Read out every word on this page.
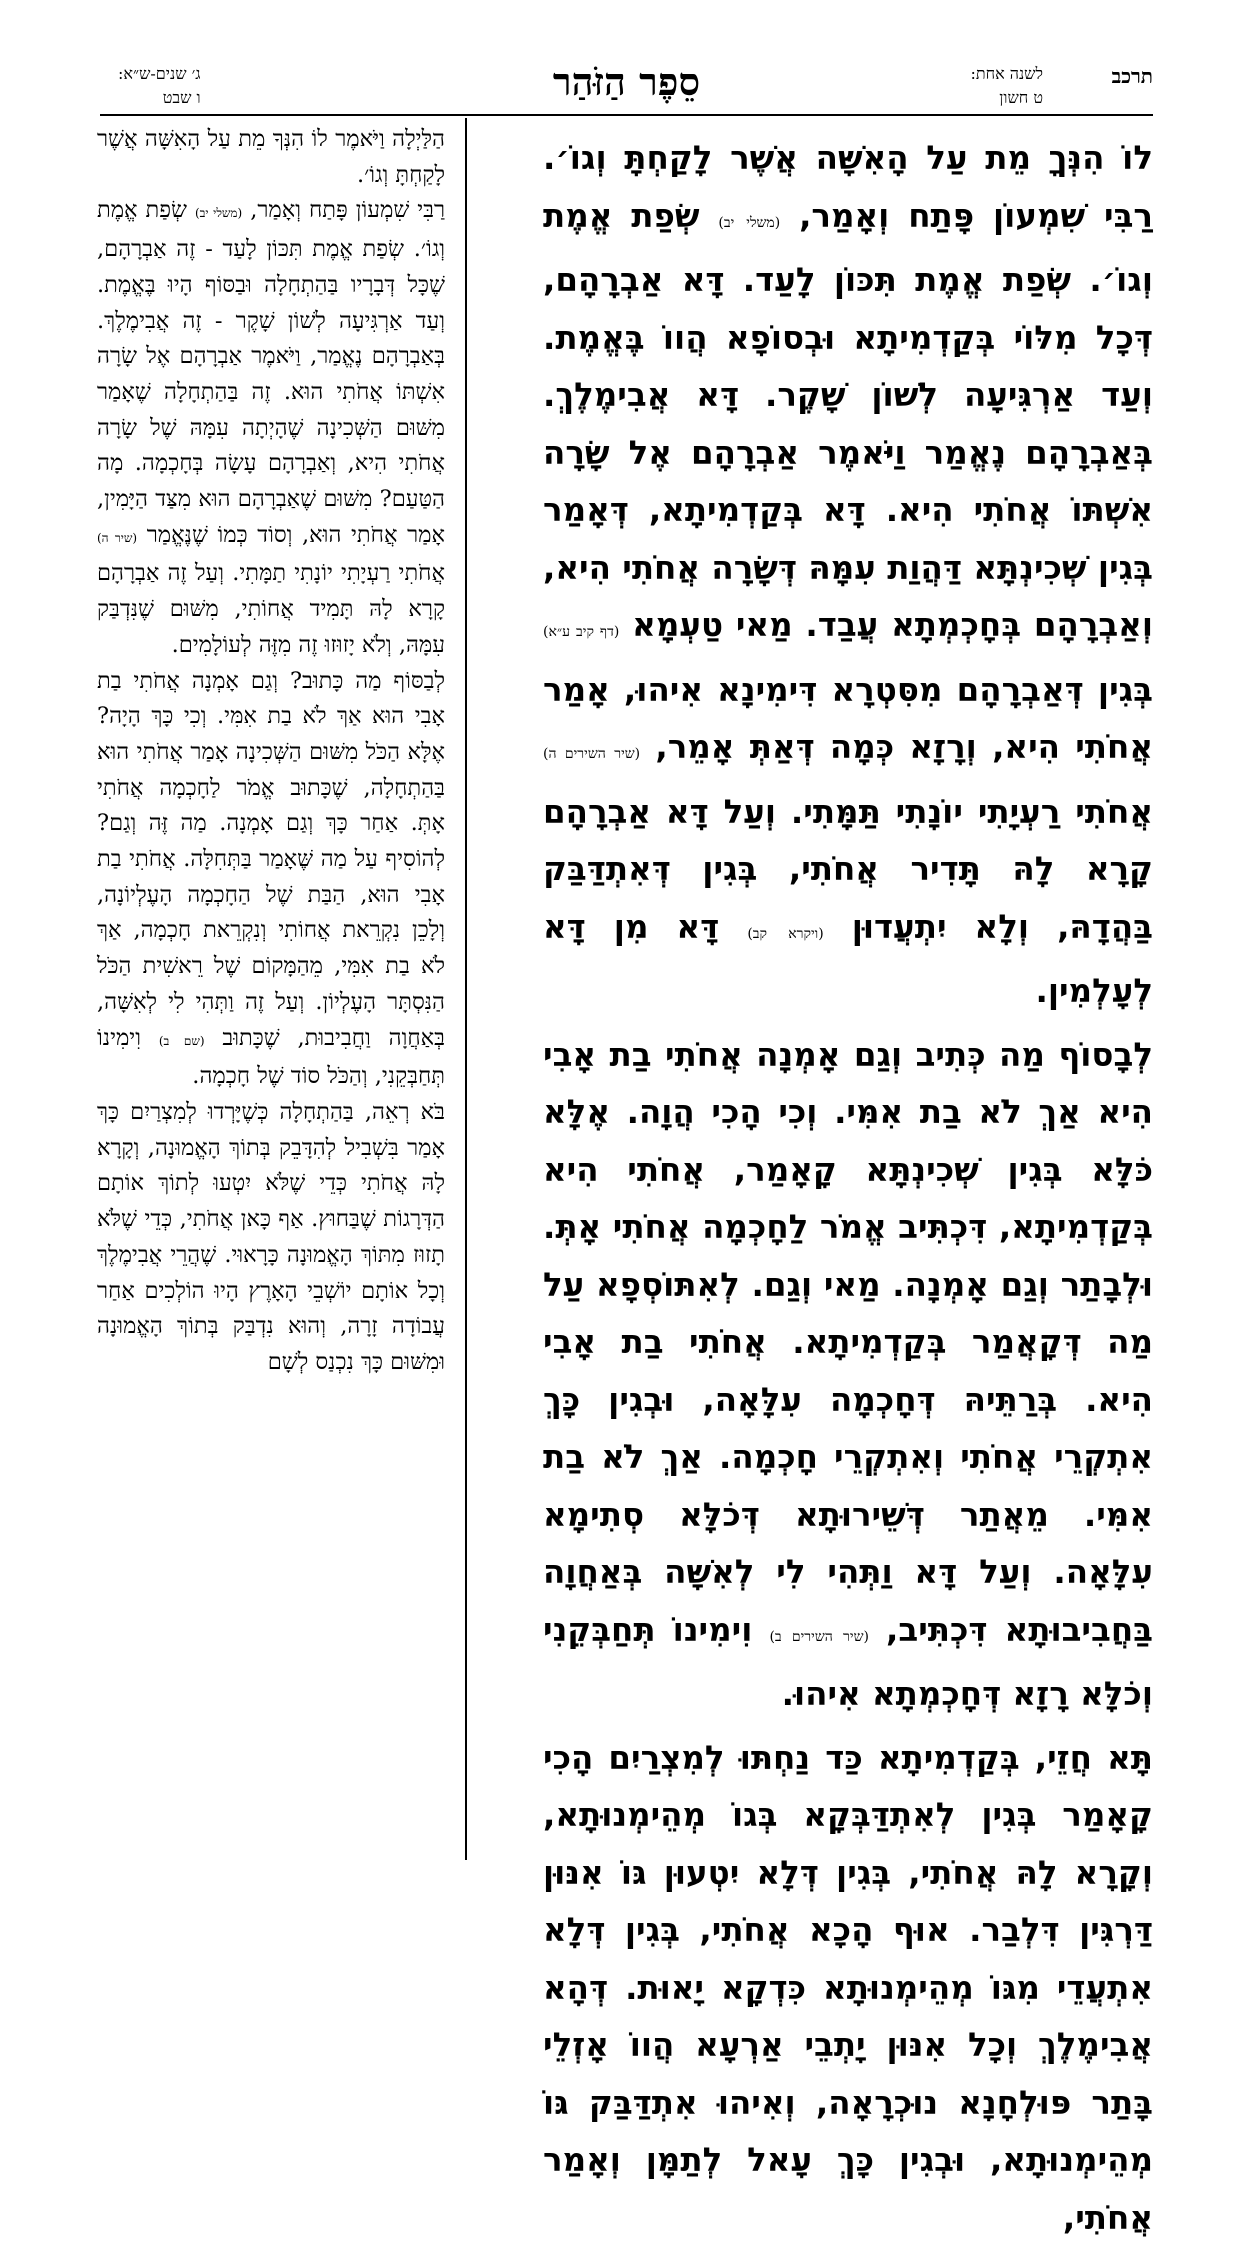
תרכב
לשנה אחת:
ט חשון
סֵפֶר הַזֹּהַר
ג׳ שנים-ש״א:
ו שבט

לוֹ הִנְּךָ מֵת עַל הָאִשָּׁה אֲשֶׁר לָקַחְתָּ וְגוֹ׳. רַבִּי שִׁמְעוֹן פָּתַח וְאָמַר, (משלי יב) שְׂפַת אֱמֶת וְגוֹ׳. שְׂפַת אֱמֶת תִּכּוֹן לָעַד. דָּא אַבְרָהָם, דְּכָל מִלּוֹי בְּקַדְמִיתָא וּבְסוֹפָא הֲווֹ בֶּאֱמֶת. וְעַד אַרְגִּיעָה לְשׁוֹן שָׁקֶר. דָּא אֲבִימֶלֶךְ. בְּאַבְרָהָם נֶאֱמַר וַיֹּאמֶר אַבְרָהָם אֶל שָׂרָה אִשְׁתּוֹ אֲחֹתִי הִיא. דָּא בְּקַדְמִיתָא, דְּאָמַר בְּגִין שְׁכִינְתָּא דַּהֲוַת עִמָּהּ דְּשָׂרָה אֲחֹתִי הִיא, וְאַבְרָהָם בְּחָכְמְתָא עֲבַד. מַאי טַעְמָא (דף קיב ע״א) בְּגִין דְּאַבְרָהָם מִסִּטְרָא דִּימִינָא אִיהוּ, אָמַר אֲחֹתִי הִיא, וְרָזָא כְּמָה דְּאַתְּ אָמֵר, (שיר השירים ה) אֲחֹתִי רַעְיָתִי יוֹנָתִי תַּמָּתִי. וְעַל דָּא אַבְרָהָם קָרָא לָהּ תָּדִיר אֲחֹתִי, בְּגִין דְּאִתְדַּבַּק בַּהֲדָהּ, וְלָא יִתְעֲדוּן (ויקרא קב) דָּא מִן דָּא לְעָלְמִין.

לְבָסוֹף מַה כְּתִיב וְגַם אָמְנָה אֲחֹתִי בַת אָבִי הִיא אַךְ לֹא בַת אִמִּי. וְכִי הָכִי הֲוָה. אֶלָּא כֹּלָּא בְּגִין שְׁכִינְתָּא קָאָמַר, אֲחֹתִי הִיא בְּקַדְמִיתָא, דִּכְתִּיב אֱמֹר לַחָכְמָה אֲחֹתִי אָתְּ. וּלְבָתַר וְגַם אָמְנָה. מַאי וְגַם. לְאִתּוֹסְפָא עַל מַה דְּקָאֲמַר בְּקַדְמִיתָא. אֲחֹתִי בַת אָבִי הִיא. בְּרַתֵּיהּ דְּחָכְמָה עִלָּאָה, וּבְגִין כָּךְ אִתְקְרֵי אֲחֹתִי וְאִתְקְרֵי חָכְמָה. אַךְ לֹא בַת אִמִּי. מֵאֲתַר דְּשֵׁירוּתָא דְּכֹלָּא סְתִימָא עִלָּאָה. וְעַל דָּא וַתְּהִי לִי לְאִשָּׁה בְּאַחֲוָה בַּחֲבִיבוּתָא דִּכְתִּיב, (שיר השירים ב) וִימִינוֹ תְּחַבְּקֵנִי וְכֹלָּא רָזָא דְּחָכְמְתָא אִיהוּ.

תָּא חֲזֵי, בְּקַדְמִיתָא כַּד נַחְתּוּ לְמִצְרַיִם הָכִי קָאָמַר בְּגִין לְאִתְדַּבְּקָא בְּגוֹ מְהֵימְנוּתָא, וְקָרָא לָהּ אֲחֹתִי, בְּגִין דְּלָא יִטְעוּן גּוֹ אִנּוּן דַּרְגִּין דִּלְבַר. אוּף הָכָא אֲחֹתִי, בְּגִין דְּלָא אִתְעֲדֵי מִגּוֹ מְהֵימְנוּתָא כִּדְקָא יָאוּת. דְּהָא אֲבִימֶלֶךְ וְכָל אִנּוּן יָתְבֵי אַרְעָא הֲווֹ אָזְלֵי בָּתַר פּוּלְחָנָא נוּכְרָאָה, וְאִיהוּ אִתְדַּבַּק גּוֹ מְהֵימְנוּתָא, וּבְגִין כָּךְ עָאל לְתַמָּן וְאָמַר אֲחֹתִי,

הַלַּיְלָה וַיֹּאמֶר לוֹ הִנְּךָ מֵת עַל הָאִשָּׁה אֲשֶׁר לָקַחְתָּ וְגוֹ׳.

רַבִּי שִׁמְעוֹן פָּתַח וְאָמַר, (משלי יב) שְׂפַת אֱמֶת וְגוֹ׳. שְׂפַת אֱמֶת תִּכּוֹן לָעַד - זֶה אַבְרָהָם, שֶׁכָּל דְּבָרָיו בַּהַתְחָלָה וּבַסּוֹף הָיוּ בֶּאֱמֶת. וְעַד אַרְגִּיעָה לְשׁוֹן שָׁקֶר - זֶה אֲבִימֶלֶךְ. בְּאַבְרָהָם נֶאֱמַר, וַיֹּאמֶר אַבְרָהָם אֶל שָׂרָה אִשְׁתּוֹ אֲחֹתִי הוּא. זֶה בַּהַתְחָלָה שֶׁאָמַר מִשּׁוּם הַשְּׁכִינָה שֶׁהָיְתָה עִמָּהּ שֶׁל שָׂרָה אֲחֹתִי הִיא, וְאַבְרָהָם עָשָׂה בְּחָכְמָה. מָה הַטַּעַם? מִשּׁוּם שֶׁאַבְרָהָם הוּא מִצַּד הַיָּמִין, אָמַר אֲחֹתִי הוּא, וְסוֹד כְּמוֹ שֶׁנֶּאֱמַר (שיר ה) אֲחֹתִי רַעְיָתִי יוֹנָתִי תַמָּתִי. וְעַל זֶה אַבְרָהָם קָרָא לָהּ תָּמִיד אֲחוֹתִי, מִשּׁוּם שֶׁנִּדְבַּק עִמָּהּ, וְלֹא יָזוּזוּ זֶה מִזֶּה לְעוֹלָמִים.

לְבַסּוֹף מַה כָּתוּב? וְגַם אָמְנָה אֲחֹתִי בַת אָבִי הוּא אַךְ לֹא בַת אִמִּי. וְכִי כָּךְ הָיָה? אֶלָּא הַכֹּל מִשּׁוּם הַשְּׁכִינָה אָמַר אֲחֹתִי הוּא בַּהַתְחָלָה, שֶׁכָּתוּב אֱמֹר לַחָכְמָה אֲחֹתִי אָתְּ. אַחַר כָּךְ וְגַם אָמְנָה. מַה זֶּה וְגַם? לְהוֹסִיף עַל מַה שֶּׁאָמַר בַּתְּחִלָּה. אֲחֹתִי בַת אָבִי הוּא, הַבַּת שֶׁל הַחָכְמָה הָעֶלְיוֹנָה, וְלָכֵן נִקְרֵאת אֲחוֹתִי וְנִקְרֵאת חָכְמָה, אַךְ לֹא בַת אִמִּי, מֵהַמָּקוֹם שֶׁל רֵאשִׁית הַכֹּל הַנִּסְתָּר הָעֶלְיוֹן. וְעַל זֶה וַתְּהִי לִי לְאִשָּׁה, בְּאַחֲוָה וַחֲבִיבוּת, שֶׁכָּתוּב (שם ב) וִימִינוֹ תְּחַבְּקֵנִי, וְהַכֹּל סוֹד שֶׁל חָכְמָה.

בֹּא רְאֵה, בַּהַתְחָלָה כְּשֶׁיָּרְדוּ לְמִצְרַיִם כָּךְ אָמַר בִּשְׁבִיל לְהִדָּבֵק בְּתוֹךְ הָאֱמוּנָה, וְקָרָא לָהּ אֲחֹתִי כְּדֵי שֶׁלֹּא יִטְעוּ לְתוֹךְ אוֹתָם הַדְּרָגוֹת שֶׁבַּחוּץ. אַף כָּאן אֲחֹתִי, כְּדֵי שֶׁלֹּא תָזוּז מִתּוֹךְ הָאֱמוּנָה כָּרָאוּי. שֶׁהֲרֵי אֲבִימֶלֶךְ וְכָל אוֹתָם יוֹשְׁבֵי הָאָרֶץ הָיוּ הוֹלְכִים אַחַר עֲבוֹדָה זָרָה, וְהוּא נִדְבַּק בְּתוֹךְ הָאֱמוּנָה וּמִשּׁוּם כָּךְ נִכְנַס לְשָׁם
